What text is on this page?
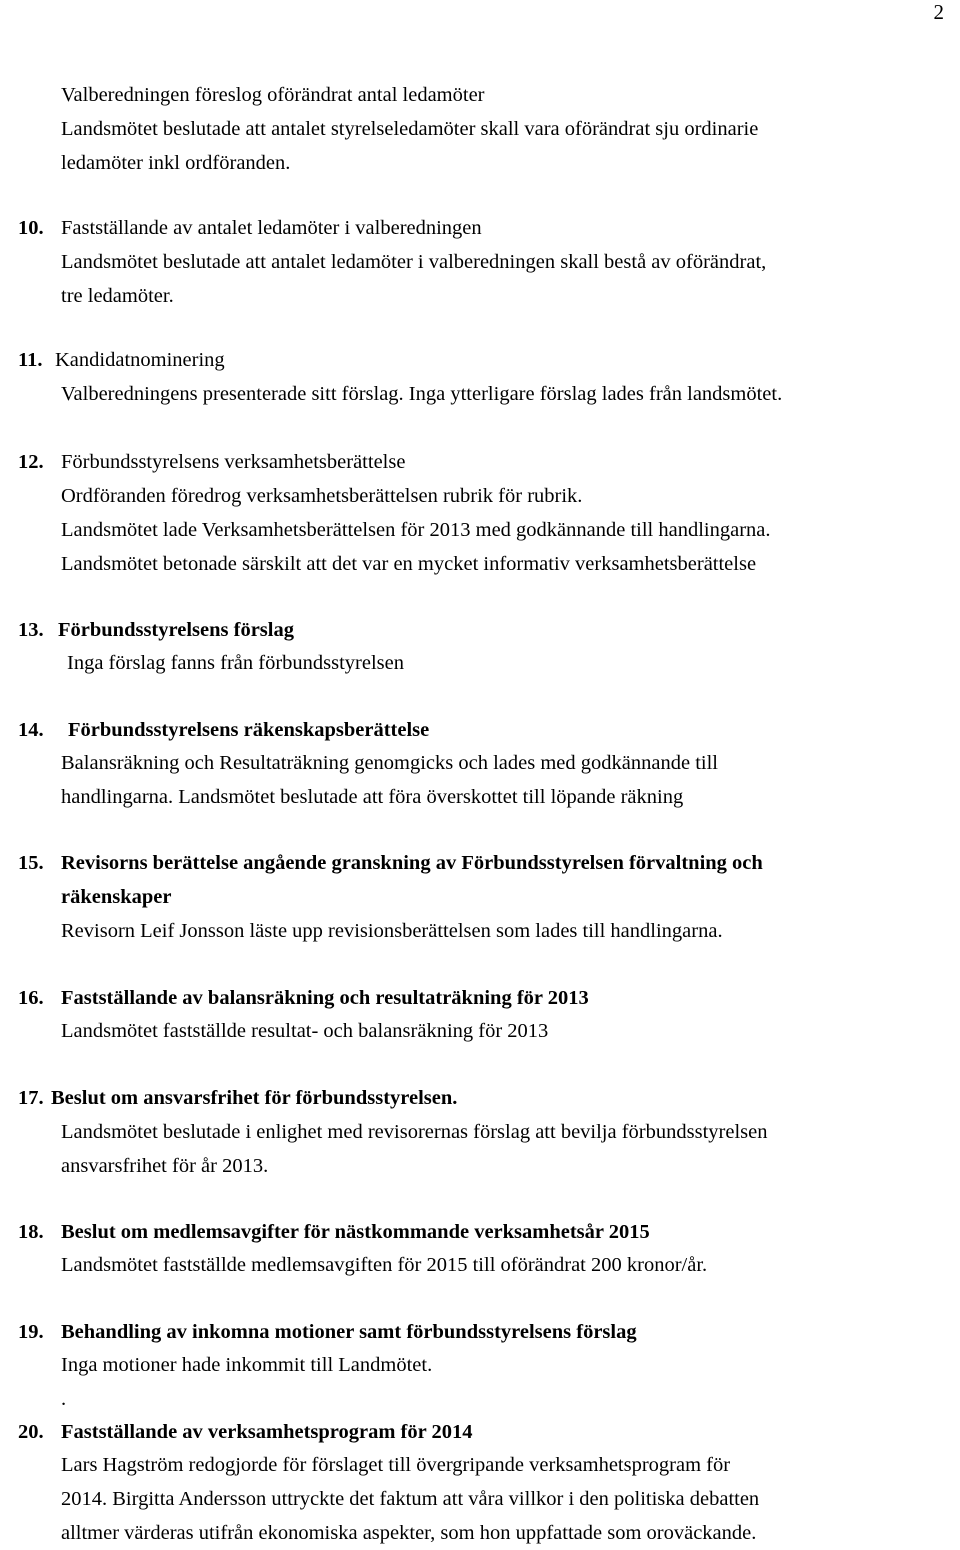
2
Valberedningen föreslog oförändrat antal ledamöter
Landsmötet beslutade att antalet styrelseledamöter skall vara oförändrat sju ordinarie
ledamöter inkl ordföranden.
10. Fastställande av antalet ledamöter i valberedningen
Landsmötet beslutade att antalet ledamöter i valberedningen skall bestå av oförändrat,
tre ledamöter.
11. Kandidatnominering
Valberedningens presenterade sitt förslag. Inga ytterligare förslag lades från landsmötet.
12. Förbundsstyrelsens verksamhetsberättelse
Ordföranden föredrog verksamhetsberättelsen rubrik för rubrik.
Landsmötet lade Verksamhetsberättelsen för 2013 med godkännande till handlingarna.
Landsmötet betonade särskilt att det var en mycket informativ verksamhetsberättelse
13. Förbundsstyrelsens förslag
Inga förslag fanns från förbundsstyrelsen
14. Förbundsstyrelsens räkenskapsberättelse
Balansräkning och Resultaträkning genomgicks och lades med godkännande till
handlingarna. Landsmötet beslutade att föra överskottet till löpande räkning
15. Revisorns berättelse angående granskning av Förbundsstyrelsen förvaltning och
räkenskaper
Revisorn Leif Jonsson läste upp revisionsberättelsen som lades till handlingarna.
16. Fastställande av balansräkning och resultaträkning för 2013
Landsmötet fastställde resultat- och balansräkning för 2013
17. Beslut om ansvarsfrihet för förbundsstyrelsen.
Landsmötet beslutade i enlighet med revisorernas förslag att bevilja förbundsstyrelsen
ansvarsfrihet för år 2013.
18. Beslut om medlemsavgifter för nästkommande verksamhetsår 2015
Landsmötet fastställde medlemsavgiften för 2015 till oförändrat 200 kronor/år.
19. Behandling av inkomna motioner samt förbundsstyrelsens förslag
Inga motioner hade inkommit till Landmötet.
.
20. Fastställande av verksamhetsprogram för 2014
Lars Hagström redogjorde för förslaget till övergripande verksamhetsprogram för
2014. Birgitta Andersson uttryckte det faktum att våra villkor i den politiska debatten
alltmer värderas utifrån ekonomiska aspekter, som hon uppfattade som oroväckande.
